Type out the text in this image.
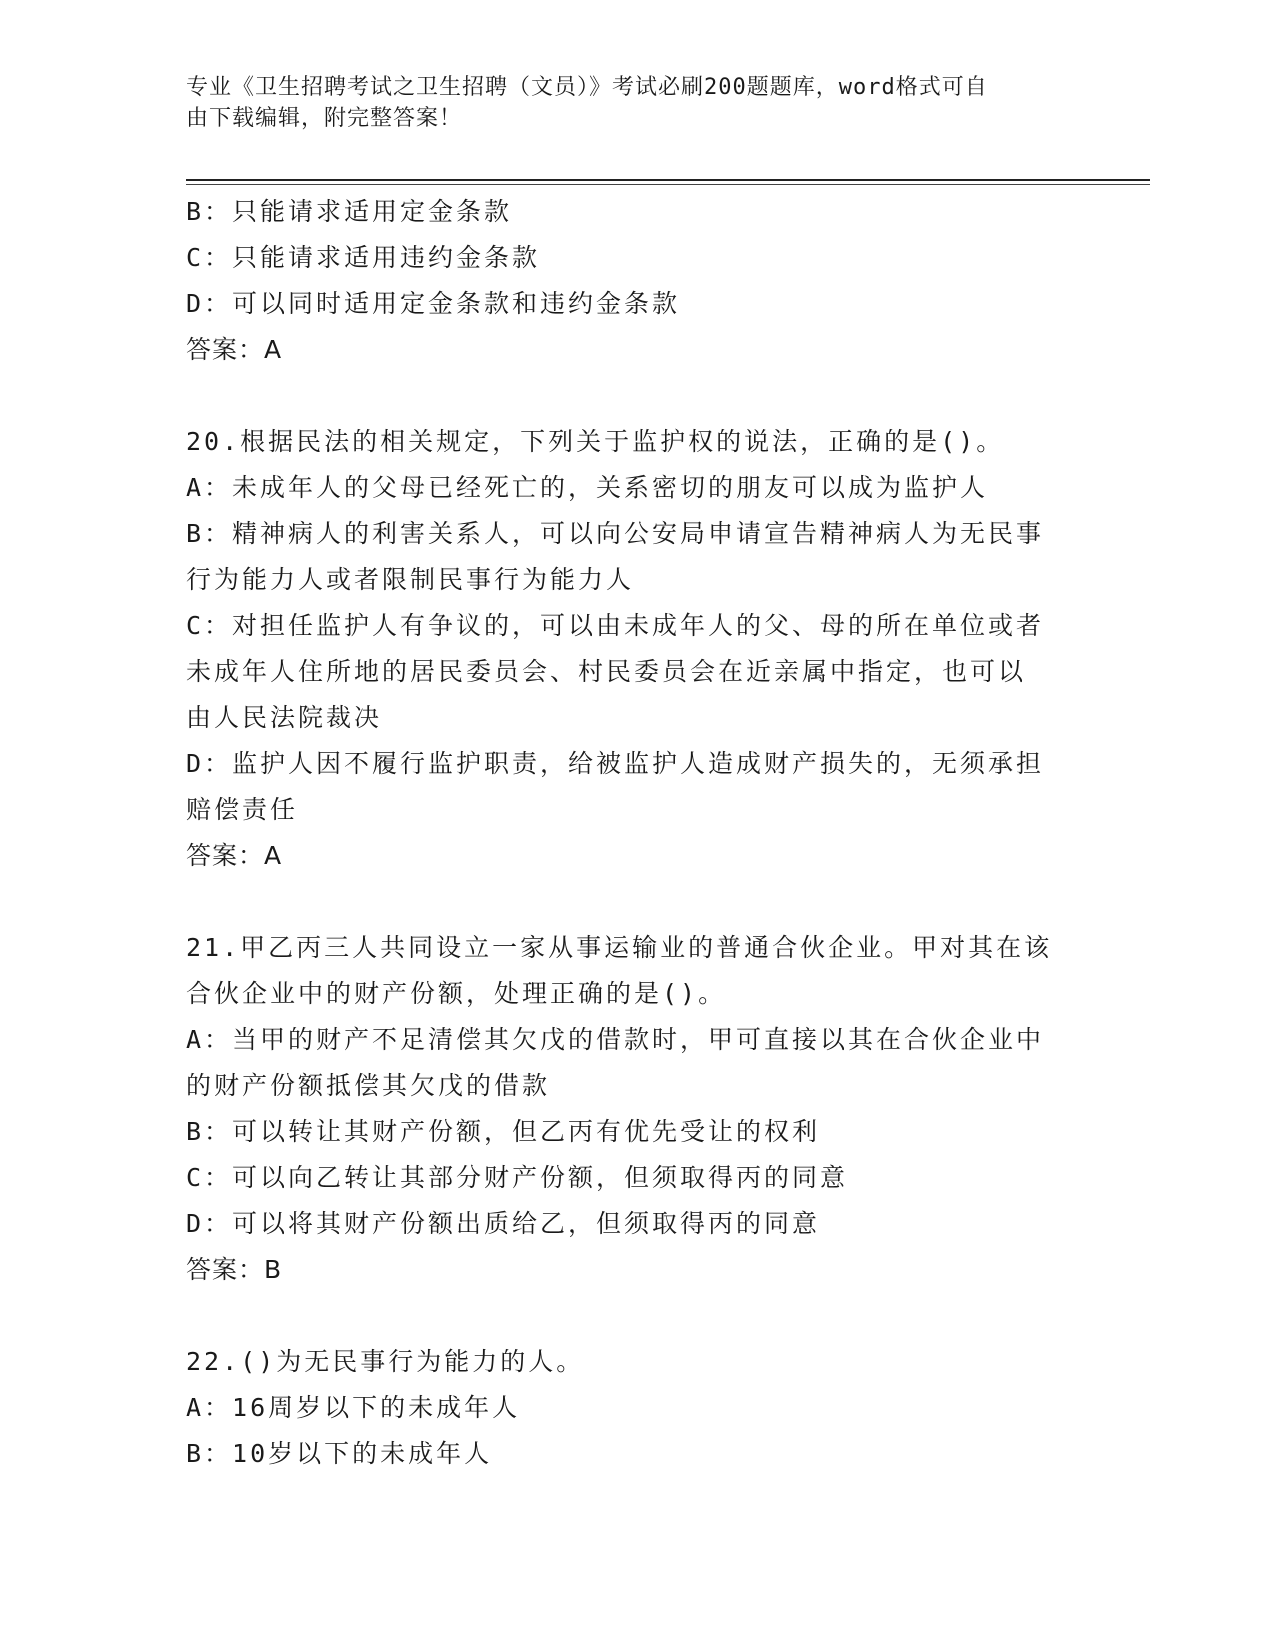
专业《卫生招聘考试之卫生招聘（文员）》考试必刷200题题库，word格式可自
由下载编辑，附完整答案！
B：只能请求适用定金条款
C：只能请求适用违约金条款
D：可以同时适用定金条款和违约金条款
答案：A
20.根据民法的相关规定，下列关于监护权的说法，正确的是()。
A：未成年人的父母已经死亡的，关系密切的朋友可以成为监护人
B：精神病人的利害关系人，可以向公安局申请宣告精神病人为无民事
行为能力人或者限制民事行为能力人
C：对担任监护人有争议的，可以由未成年人的父、母的所在单位或者
未成年人住所地的居民委员会、村民委员会在近亲属中指定，也可以
由人民法院裁决
D：监护人因不履行监护职责，给被监护人造成财产损失的，无须承担
赔偿责任
答案：A
21.甲乙丙三人共同设立一家从事运输业的普通合伙企业。甲对其在该
合伙企业中的财产份额，处理正确的是()。
A：当甲的财产不足清偿其欠戊的借款时，甲可直接以其在合伙企业中
的财产份额抵偿其欠戊的借款
B：可以转让其财产份额，但乙丙有优先受让的权利
C：可以向乙转让其部分财产份额，但须取得丙的同意
D：可以将其财产份额出质给乙，但须取得丙的同意
答案：B
22.()为无民事行为能力的人。
A：16周岁以下的未成年人
B：10岁以下的未成年人
